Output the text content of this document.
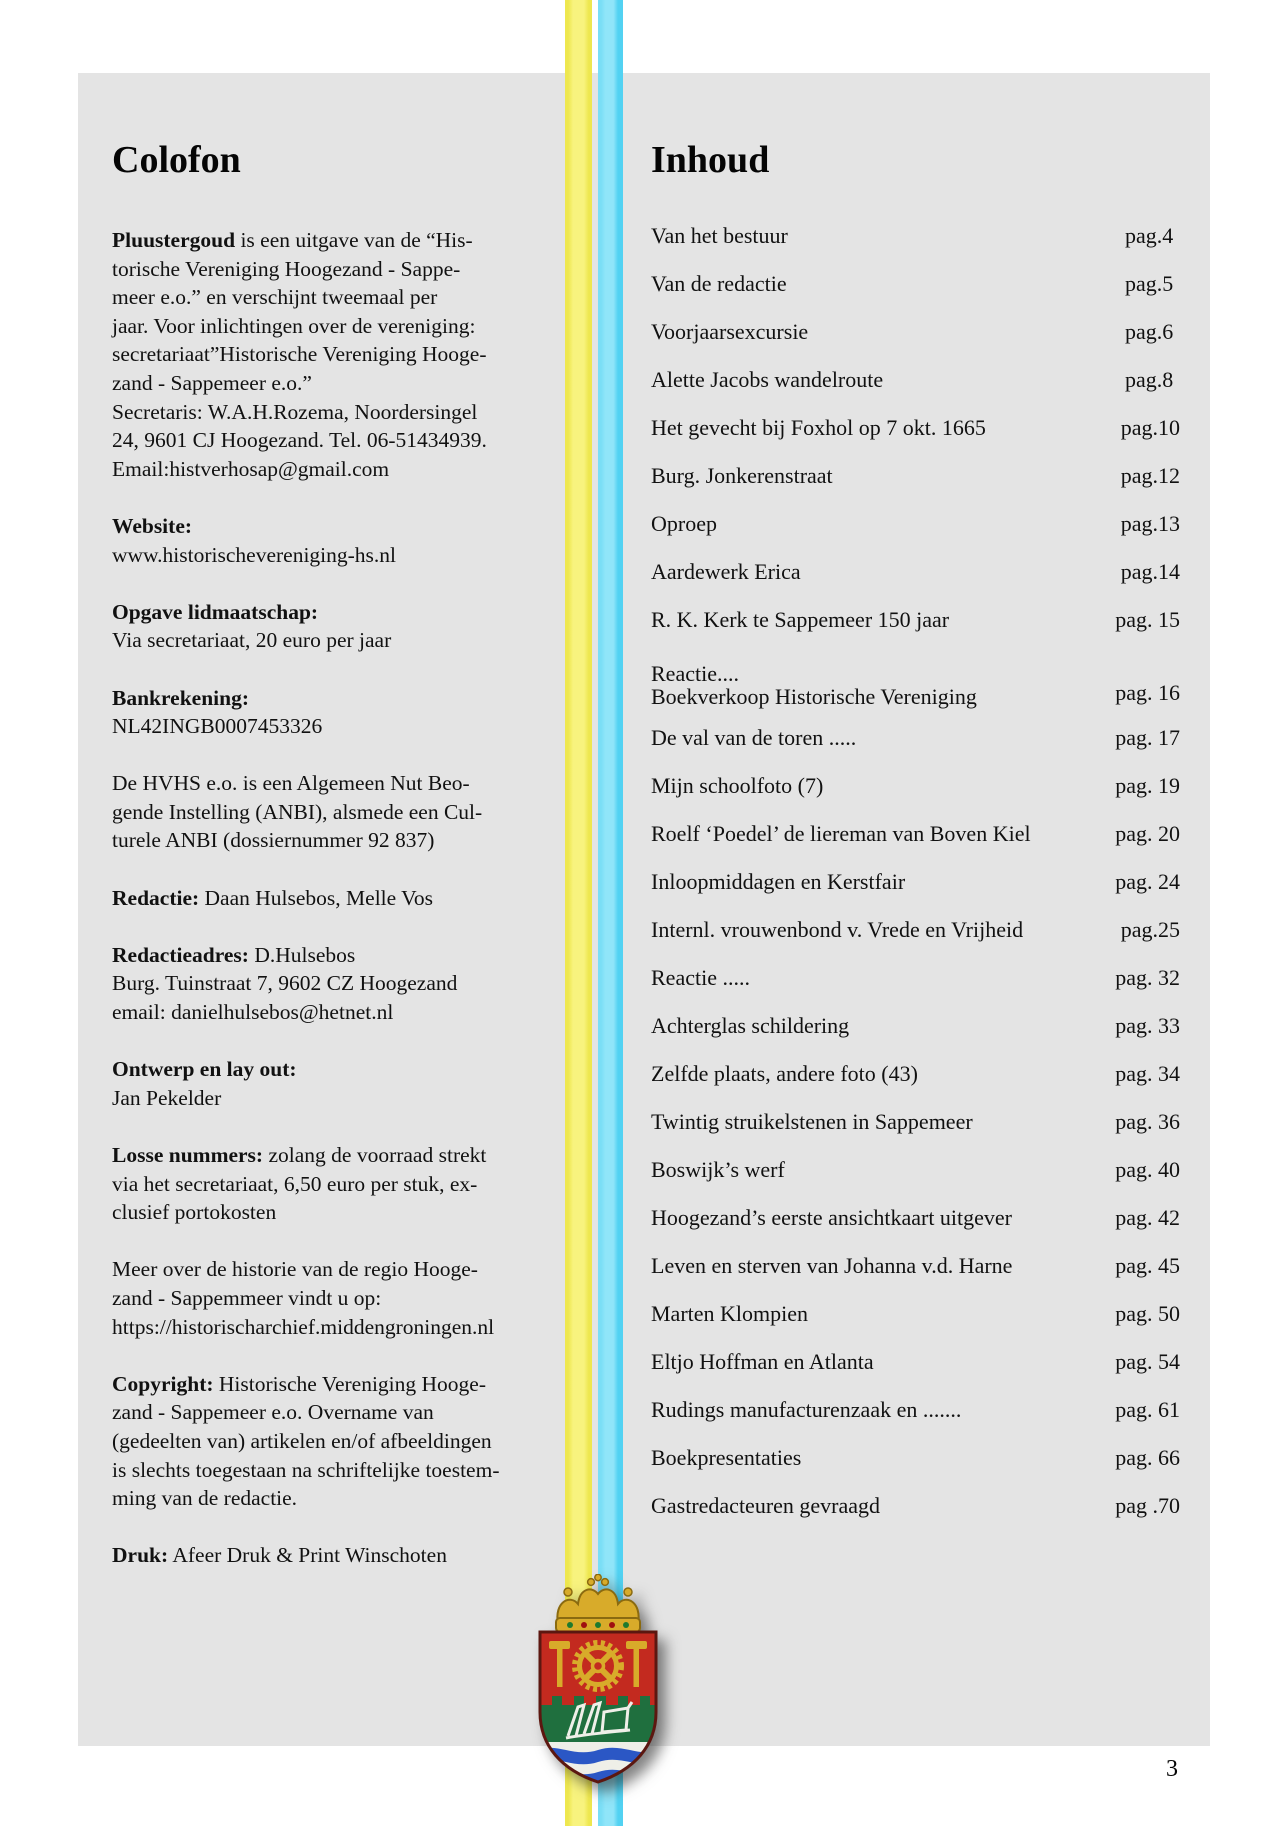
Colofon

Pluustergoud is een uitgave van de “His-
torische Vereniging Hoogezand - Sappe-
meer e.o.” en verschijnt tweemaal per
jaar. Voor inlichtingen over de vereniging:
secretariaat”Historische Vereniging Hooge-
zand - Sappemeer e.o.”
Secretaris: W.A.H.Rozema, Noordersingel
24, 9601 CJ Hoogezand. Tel. 06-51434939.
Email:histverhosap@gmail.com

Website:
www.historischevereniging-hs.nl

Opgave lidmaatschap:
Via secretariaat, 20 euro per jaar

Bankrekening:
NL42INGB0007453326

De HVHS e.o. is een Algemeen Nut Beo-
gende Instelling (ANBI), alsmede een Cul-
turele ANBI (dossiernummer 92 837)

Redactie: Daan Hulsebos, Melle Vos

Redactieadres: D.Hulsebos
Burg. Tuinstraat 7, 9602 CZ Hoogezand
email: danielhulsebos@hetnet.nl

Ontwerp en lay out:
Jan Pekelder

Losse nummers: zolang de voorraad strekt
via het secretariaat, 6,50 euro per stuk, ex-
clusief portokosten

Meer over de historie van de regio Hooge-
zand - Sappemmeer vindt u op:
https://historischarchief.middengroningen.nl

Copyright: Historische Vereniging Hooge-
zand - Sappemeer e.o. Overname van
(gedeelten van) artikelen en/of afbeeldingen
is slechts toegestaan na schriftelijke toestem-
ming van de redactie.

Druk: Afeer Druk & Print Winschoten

Inhoud
Van het bestuur	pag.4
Van de redactie	pag.5
Voorjaarsexcursie	pag.6
Alette Jacobs wandelroute	pag.8
Het gevecht bij Foxhol op 7 okt. 1665	pag.10
Burg. Jonkerenstraat	pag.12
Oproep	pag.13
Aardewerk Erica	pag.14
R. K. Kerk te Sappemeer 150 jaar	pag. 15
Reactie....
Boekverkoop Historische Vereniging	pag. 16
De val van de toren .....	pag. 17
Mijn schoolfoto (7)	pag. 19
Roelf ‘Poedel’ de liereman van Boven Kiel	pag. 20
Inloopmiddagen en Kerstfair	pag. 24
Internl. vrouwenbond v. Vrede en Vrijheid	pag.25
Reactie .....	pag. 32
Achterglas schildering	pag. 33
Zelfde plaats, andere foto (43)	pag. 34
Twintig struikelstenen in Sappemeer	pag. 36
Boswijk’s werf	pag. 40
Hoogezand’s eerste ansichtkaart uitgever	pag. 42
Leven en sterven van Johanna v.d. Harne	pag. 45
Marten Klompien	pag. 50
Eltjo Hoffman en Atlanta	pag. 54
Rudings manufacturenzaak en .......	pag. 61
Boekpresentaties	pag. 66
Gastredacteuren gevraagd	pag .70
3
